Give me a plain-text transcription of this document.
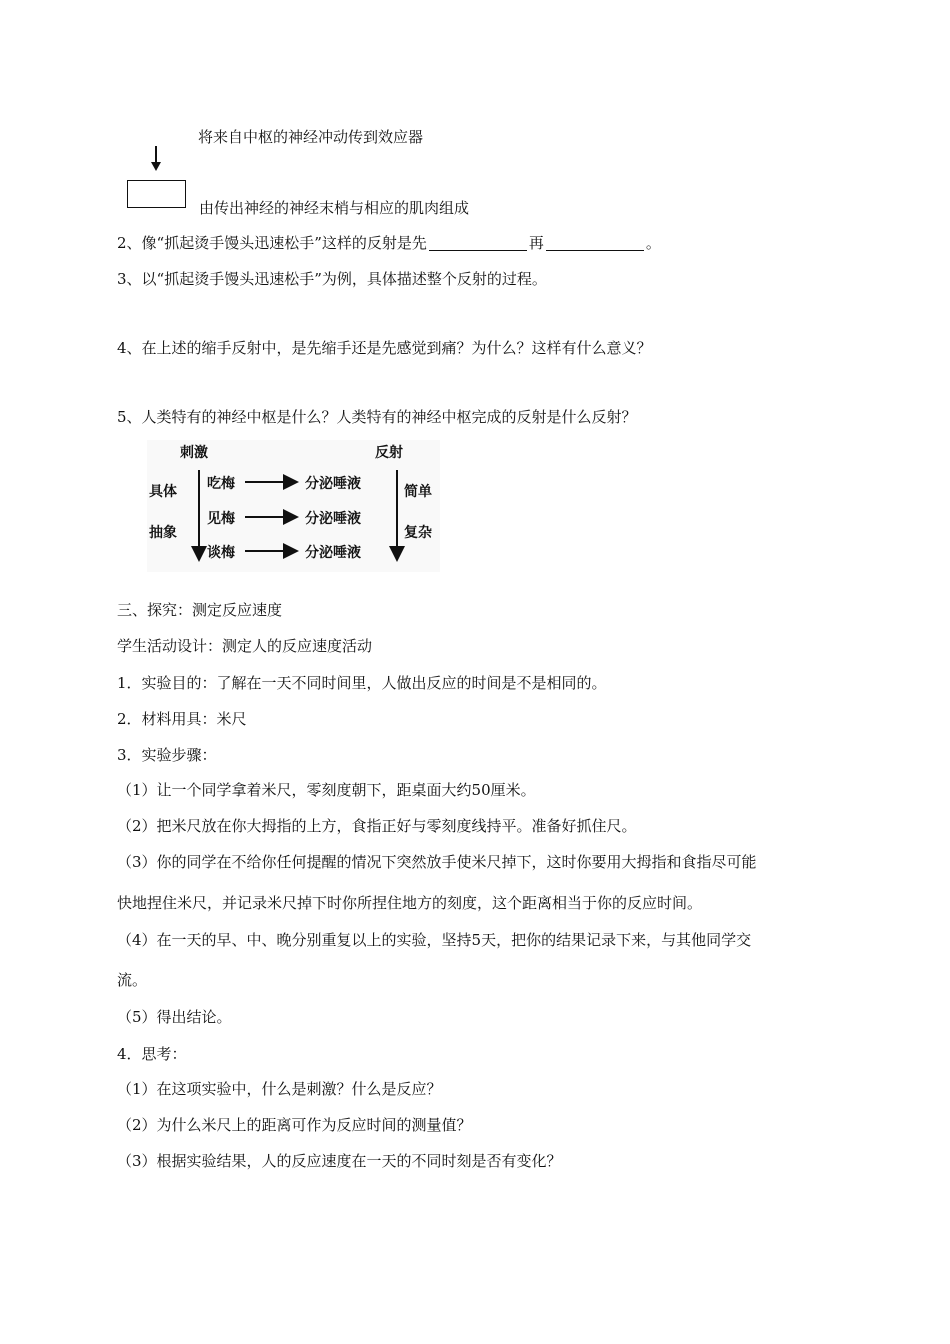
将来自中枢的神经冲动传到效应器
由传出神经的神经末梢与相应的肌肉组成
2、像“抓起烫手馒头迅速松手”这样的反射是先	再	。
3、以“抓起烫手馒头迅速松手”为例，具体描述整个反射的过程。
4、在上述的缩手反射中，是先缩手还是先感觉到痛？为什么？这样有什么意义？
5、人类特有的神经中枢是什么？人类特有的神经中枢完成的反射是什么反射？
刺激	反射
具体
抽象
简单
复杂
吃梅
见梅
谈梅
分泌唾液
分泌唾液
分泌唾液
三、探究：测定反应速度
学生活动设计：测定人的反应速度活动
1．实验目的：了解在一天不同时间里，人做出反应的时间是不是相同的。
2．材料用具：米尺
3．实验步骤：
（1）让一个同学拿着米尺，零刻度朝下，距桌面大约50厘米。
（2）把米尺放在你大拇指的上方，食指正好与零刻度线持平。准备好抓住尺。
（3）你的同学在不给你任何提醒的情况下突然放手使米尺掉下，这时你要用大拇指和食指尽可能
快地捏住米尺，并记录米尺掉下时你所捏住地方的刻度，这个距离相当于你的反应时间。
（4）在一天的早、中、晚分别重复以上的实验，坚持5天，把你的结果记录下来，与其他同学交
流。
（5）得出结论。
4．思考：
（1）在这项实验中，什么是刺激？什么是反应？
（2）为什么米尺上的距离可作为反应时间的测量值？
（3）根据实验结果，人的反应速度在一天的不同时刻是否有变化？
